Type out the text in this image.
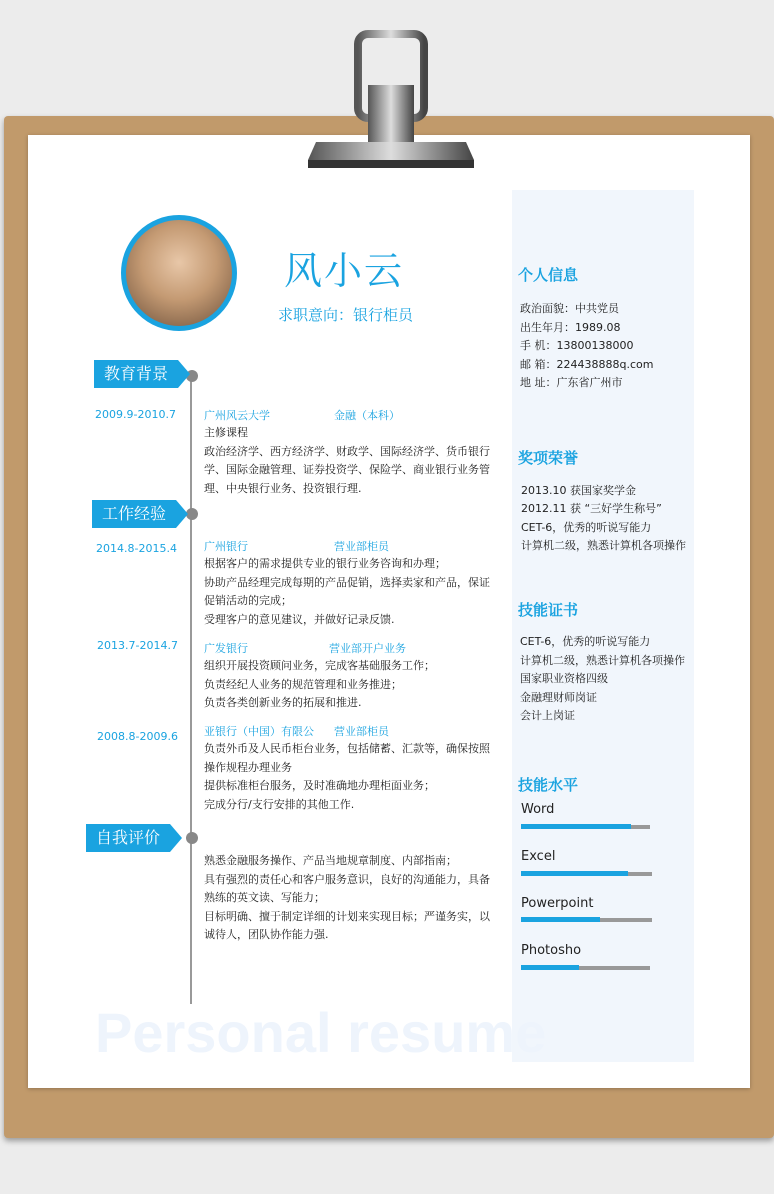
风小云
求职意向：银行柜员
教育背景
工作经验
自我评价
2009.9-2010.7	广州风云大学	金融（本科）
主修课程
政治经济学、西方经济学、财政学、国际经济学、货币银行
学、国际金融管理、证券投资学、保险学、商业银行业务管
理、中央银行业务、投资银行理.
2014.8-2015.4 广州银行	营业部柜员
根据客户的需求提供专业的银行业务咨询和办理；
协助产品经理完成每期的产品促销，选择卖家和产品，保证
促销活动的完成；
受理客户的意见建议，并做好记录反馈.
2013.7-2014.7 广发银行	营业部开户业务
组织开展投资顾问业务，完成客基础服务工作；
负责经纪人业务的规范管理和业务推进；
负责各类创新业务的拓展和推进.
2008.8-2009.6 亚银行（中国）有限公 营业部柜员
负责外币及人民币柜台业务，包括储蓄、汇款等，确保按照
操作规程办理业务
提供标准柜台服务，及时准确地办理柜面业务；
完成分行/支行安排的其他工作.
熟悉金融服务操作、产品当地规章制度、内部指南；
具有强烈的责任心和客户服务意识，良好的沟通能力，具备
熟练的英文读、写能力；
目标明确、擅于制定详细的计划来实现目标；严谨务实，以
诚待人，团队协作能力强.
Personal resume
个人信息
政治面貌：中共党员
出生年月：1989.08
手 机：13800138000
邮 箱：224438888q.com
地 址：广东省广州市
奖项荣誉
2013.10 获国家奖学金
2012.11 获 “三好学生称号”
CET-6，优秀的听说写能力
计算机二级，熟悉计算机各项操作
技能证书
CET-6，优秀的听说写能力
计算机二级，熟悉计算机各项操作
国家职业资格四级
金融理财师岗证
会计上岗证
技能水平
Word
Excel
Powerpoint
Photosho
